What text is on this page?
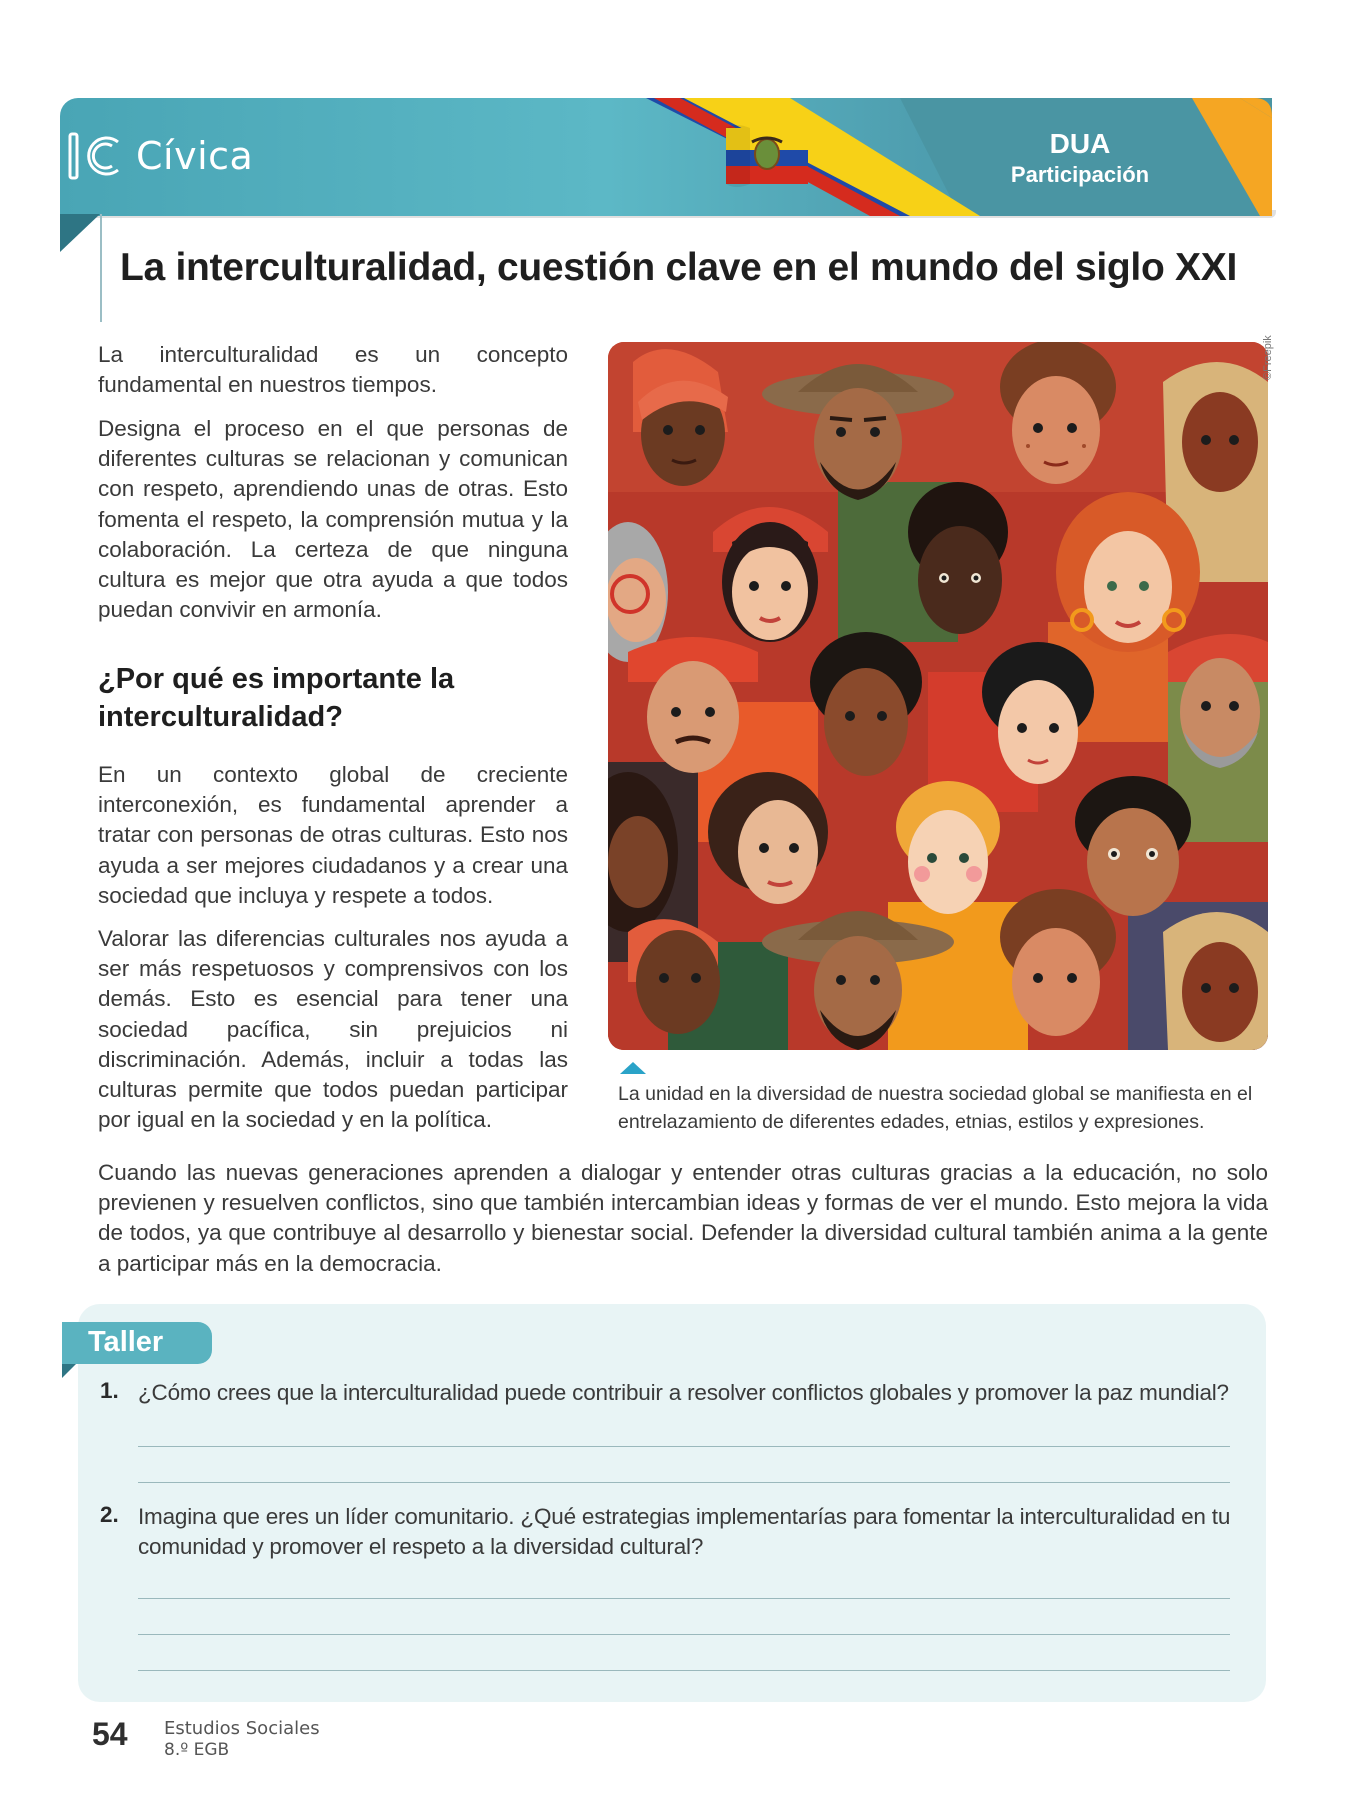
Cívica	DUA
Participación
La interculturalidad, cuestión clave en el mundo del siglo XXI

La interculturalidad es un concepto fundamental en nuestros tiempos.

Designa el proceso en el que personas de diferentes culturas se relacionan y comunican con respeto, aprendiendo unas de otras. Esto fomenta el respeto, la comprensión mutua y la colaboración. La certeza de que ninguna cultura es mejor que otra ayuda a que todos puedan convivir en armonía.

¿Por qué es importante la interculturalidad?

En un contexto global de creciente interconexión, es fundamental aprender a tratar con personas de otras culturas. Esto nos ayuda a ser mejores ciudadanos y a crear una sociedad que incluya y respete a todos.

Valorar las diferencias culturales nos ayuda a ser más respetuosos y comprensivos con los demás. Esto es esencial para tener una sociedad pacífica, sin prejuicios ni discriminación. Además, incluir a todas las culturas permite que todos puedan participar por igual en la sociedad y en la política.

©Freepik

La unidad en la diversidad de nuestra sociedad global se manifiesta en el entrelazamiento de diferentes edades, etnias, estilos y expresiones.

Cuando las nuevas generaciones aprenden a dialogar y entender otras culturas gracias a la educación, no solo previenen y resuelven conflictos, sino que también intercambian ideas y formas de ver el mundo. Esto mejora la vida de todos, ya que contribuye al desarrollo y bienestar social. Defender la diversidad cultural también anima a la gente a participar más en la democracia.

Taller
1. ¿Cómo crees que la interculturalidad puede contribuir a resolver conflictos globales y promover la paz mundial?
2. Imagina que eres un líder comunitario. ¿Qué estrategias implementarías para fomentar la interculturalidad en tu comunidad y promover el respeto a la diversidad cultural?
54 Estudios Sociales
8.º EGB
